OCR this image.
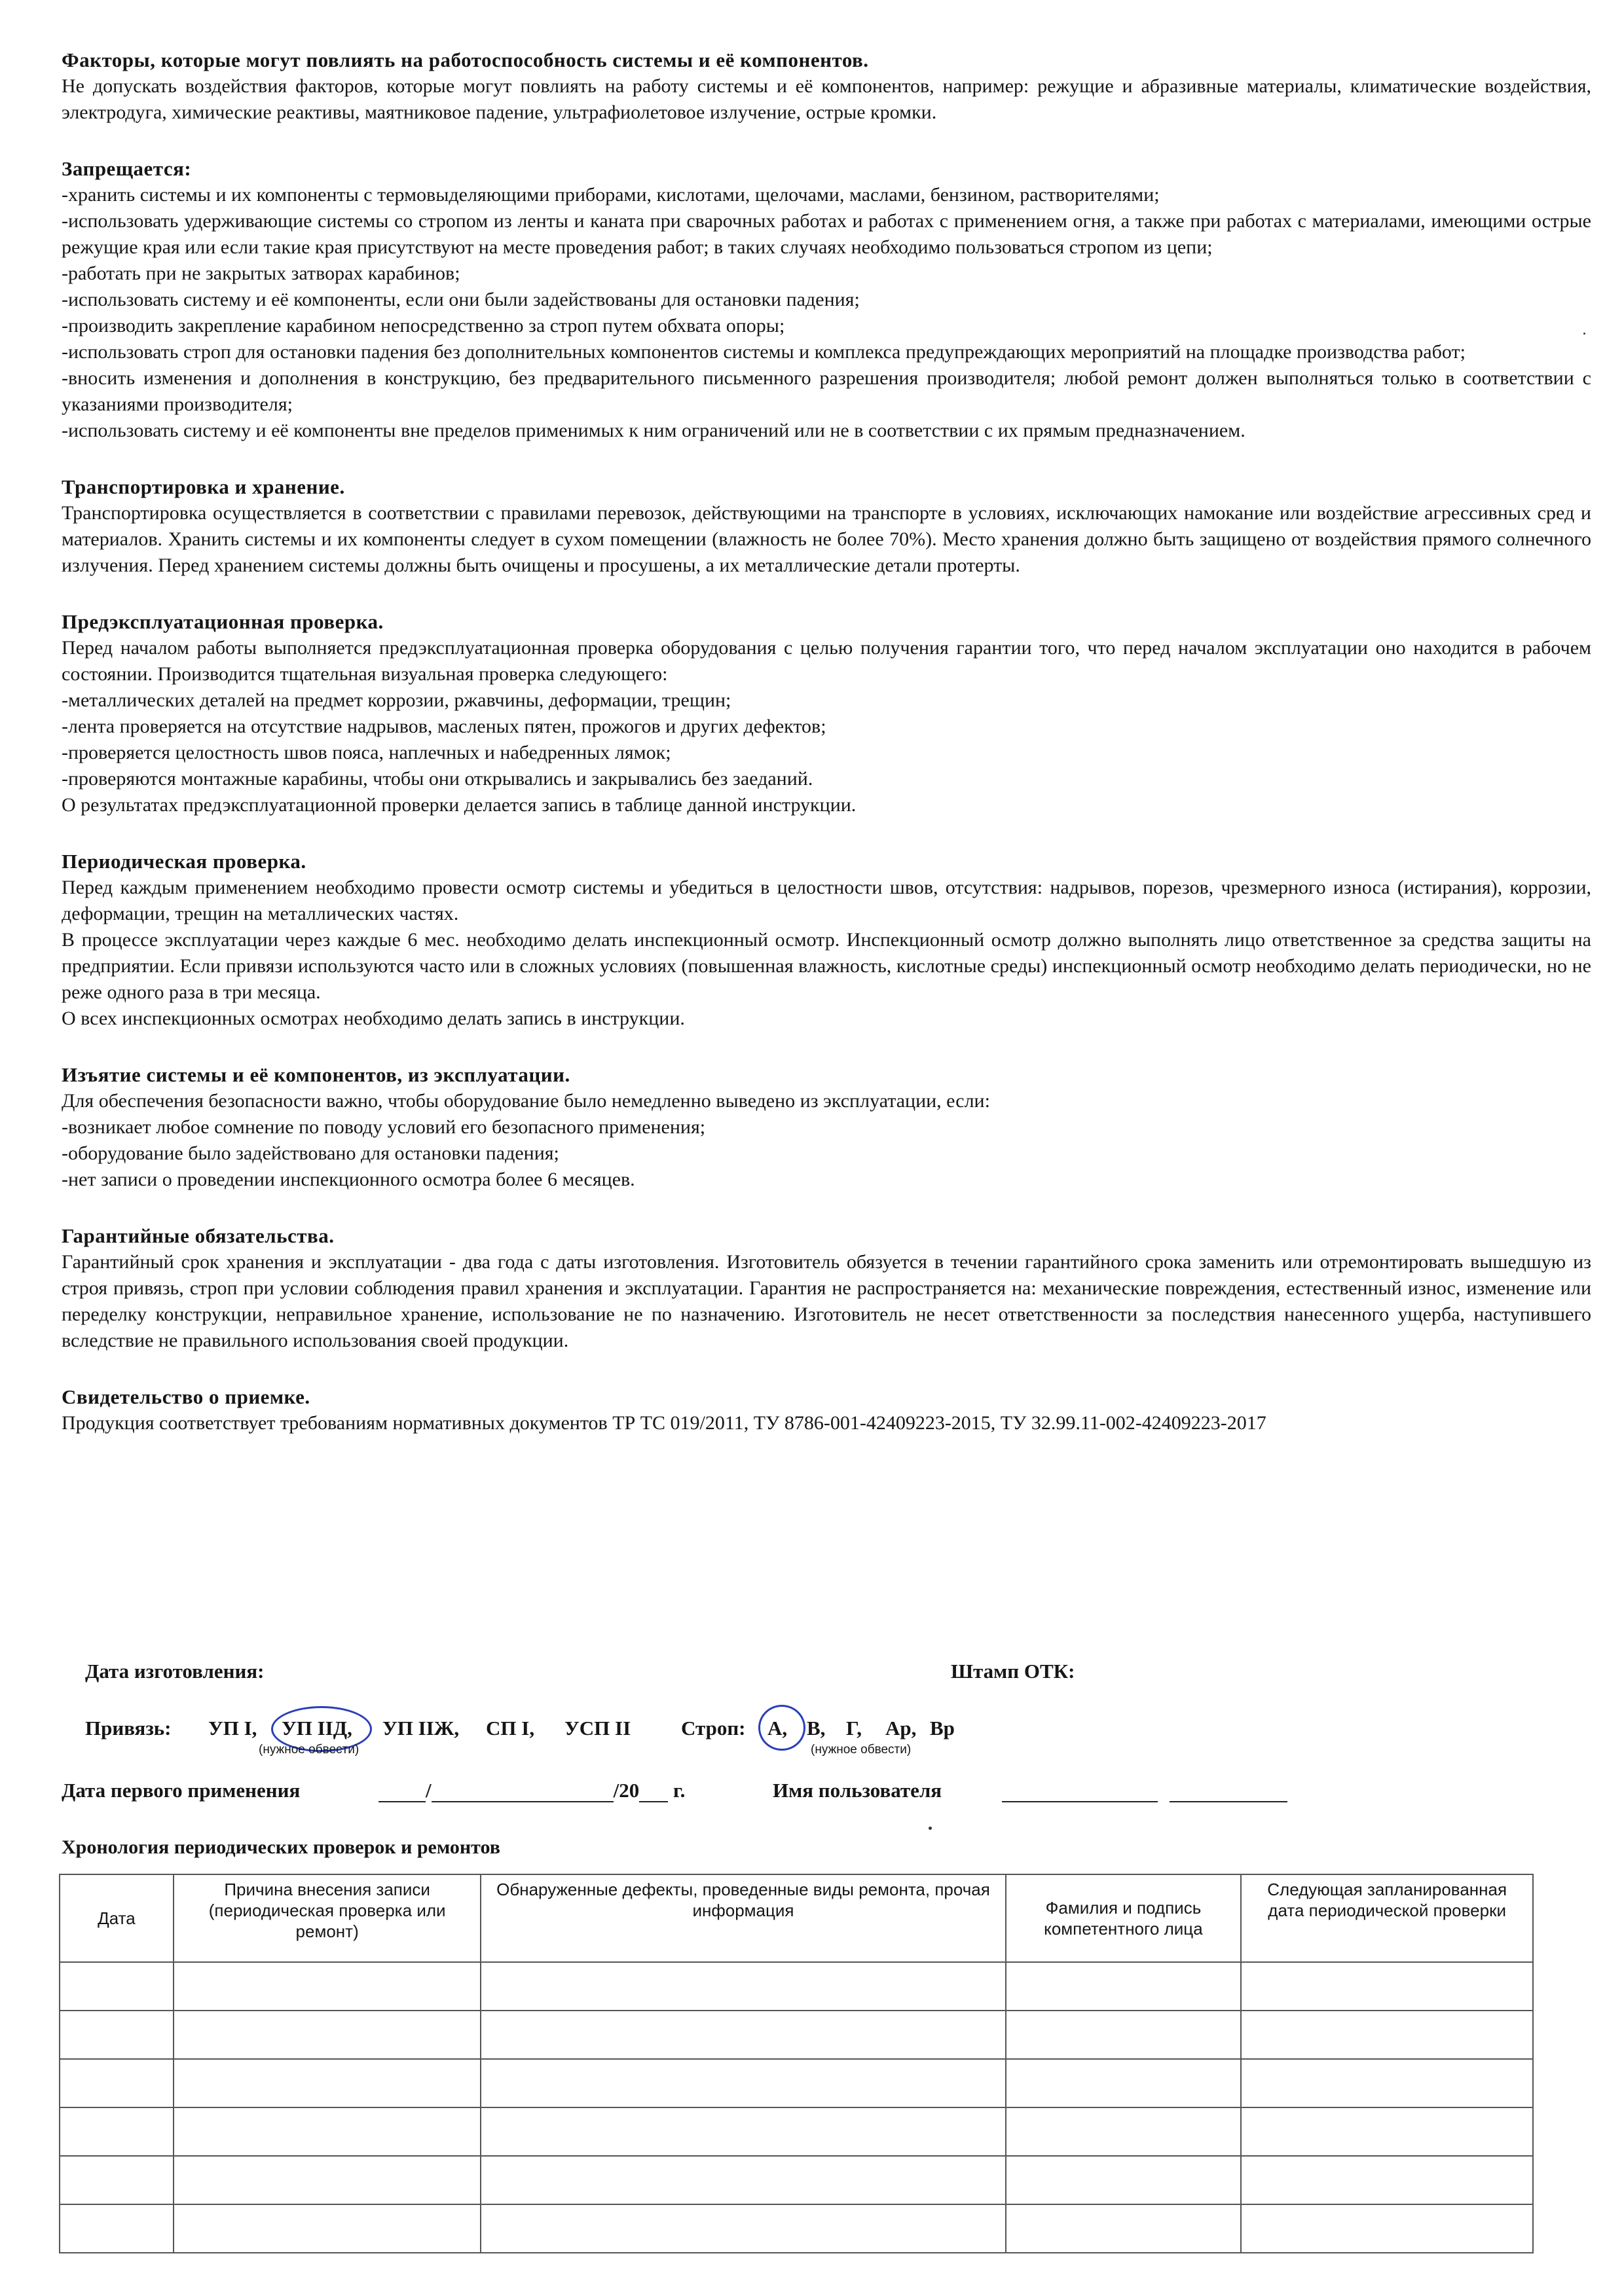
Факторы, которые могут повлиять на работоспособность системы и её компонентов.

Не допускать воздействия факторов, которые могут повлиять на работу системы и её компонентов, например: режущие и абразивные материалы, климатические воздействия, электродуга, химические реактивы, маятниковое падение, ультрафиолетовое излучение, острые кромки.

Запрещается:

-хранить системы и их компоненты с термовыделяющими приборами, кислотами, щелочами, маслами, бензином, растворителями;

-использовать удерживающие системы со стропом из ленты и каната при сварочных работах и работах с применением огня, а также при работах с материалами, имеющими острые режущие края или если такие края присутствуют на месте проведения работ; в таких случаях необходимо пользоваться стропом из цепи;

-работать при не закрытых затворах карабинов;

-использовать систему и её компоненты, если они были задействованы для остановки падения;

-производить закрепление карабином непосредственно за строп путем обхвата опоры;

-использовать строп для остановки падения без дополнительных компонентов системы и комплекса предупреждающих мероприятий на площадке производства работ;

-вносить изменения и дополнения в конструкцию, без предварительного письменного разрешения производителя; любой ремонт должен выполняться только в соответствии с указаниями производителя;

-использовать систему и её компоненты вне пределов применимых к ним ограничений или не в соответствии с их прямым предназначением.

Транспортировка и хранение.

Транспортировка осуществляется в соответствии с правилами перевозок, действующими на транспорте в условиях, исключающих намокание или воздействие агрессивных сред и материалов. Хранить системы и их компоненты следует в сухом помещении (влажность не более 70%). Место хранения должно быть защищено от воздействия прямого солнечного излучения. Перед хранением системы должны быть очищены и просушены, а их металлические детали протерты.

Предэксплуатационная проверка.

Перед началом работы выполняется предэксплуатационная проверка оборудования с целью получения гарантии того, что перед началом эксплуатации оно находится в рабочем состоянии. Производится тщательная визуальная проверка следующего:

-металлических деталей на предмет коррозии, ржавчины, деформации, трещин;

-лента проверяется на отсутствие надрывов, масленых пятен, прожогов и других дефектов;

-проверяется целостность швов пояса, наплечных и набедренных лямок;

-проверяются монтажные карабины, чтобы они открывались и закрывались без заеданий.

О результатах предэксплуатационной проверки делается запись в таблице данной инструкции.

Периодическая проверка.

Перед каждым применением необходимо провести осмотр системы и убедиться в целостности швов, отсутствия: надрывов, порезов, чрезмерного износа (истирания), коррозии, деформации, трещин на металлических частях.

В процессе эксплуатации через каждые 6 мес. необходимо делать инспекционный осмотр. Инспекционный осмотр должно выполнять лицо ответственное за средства защиты на предприятии. Если привязи используются часто или в сложных условиях (повышенная влажность, кислотные среды) инспекционный осмотр необходимо делать периодически, но не реже одного раза в три месяца.

О всех инспекционных осмотрах необходимо делать запись в инструкции.

Изъятие системы и её компонентов, из эксплуатации.

Для обеспечения безопасности важно, чтобы оборудование было немедленно выведено из эксплуатации, если:

-возникает любое сомнение по поводу условий его безопасного применения;

-оборудование было задействовано для остановки падения;

-нет записи о проведении инспекционного осмотра более 6 месяцев.

Гарантийные обязательства.

Гарантийный срок хранения и эксплуатации - два года с даты изготовления. Изготовитель обязуется в течении гарантийного срока заменить или отремонтировать вышедшую из строя привязь, строп при условии соблюдения правил хранения и эксплуатации. Гарантия не распространяется на: механические повреждения, естественный износ, изменение или переделку конструкции, неправильное хранение, использование не по назначению. Изготовитель не несет ответственности за последствия нанесенного ущерба, наступившего вследствие не правильного использования своей продукции.

Свидетельство о приемке.

Продукция соответствует требованиям нормативных документов ТР ТС 019/2011, ТУ 8786-001-42409223-2015, ТУ 32.99.11-002-42409223-2017

Дата изготовления:	Штамп ОТК:
Привязь: УП I, УП IIД, УП IIЖ, СП I, УСП II
(нужное обвести)
Строп: А, В, Г, Ар, Вр
(нужное обвести)
Дата первого применения	/	/20 г.	Имя пользователя

Хронология периодических проверок и ремонтов
Дата	Причина внесения записи (периодическая проверка или ремонт)	Обнаруженные дефекты, проведенные виды ремонта, прочая информация	Фамилия и подпись компетентного лица	Следующая запланированная дата периодической проверки
